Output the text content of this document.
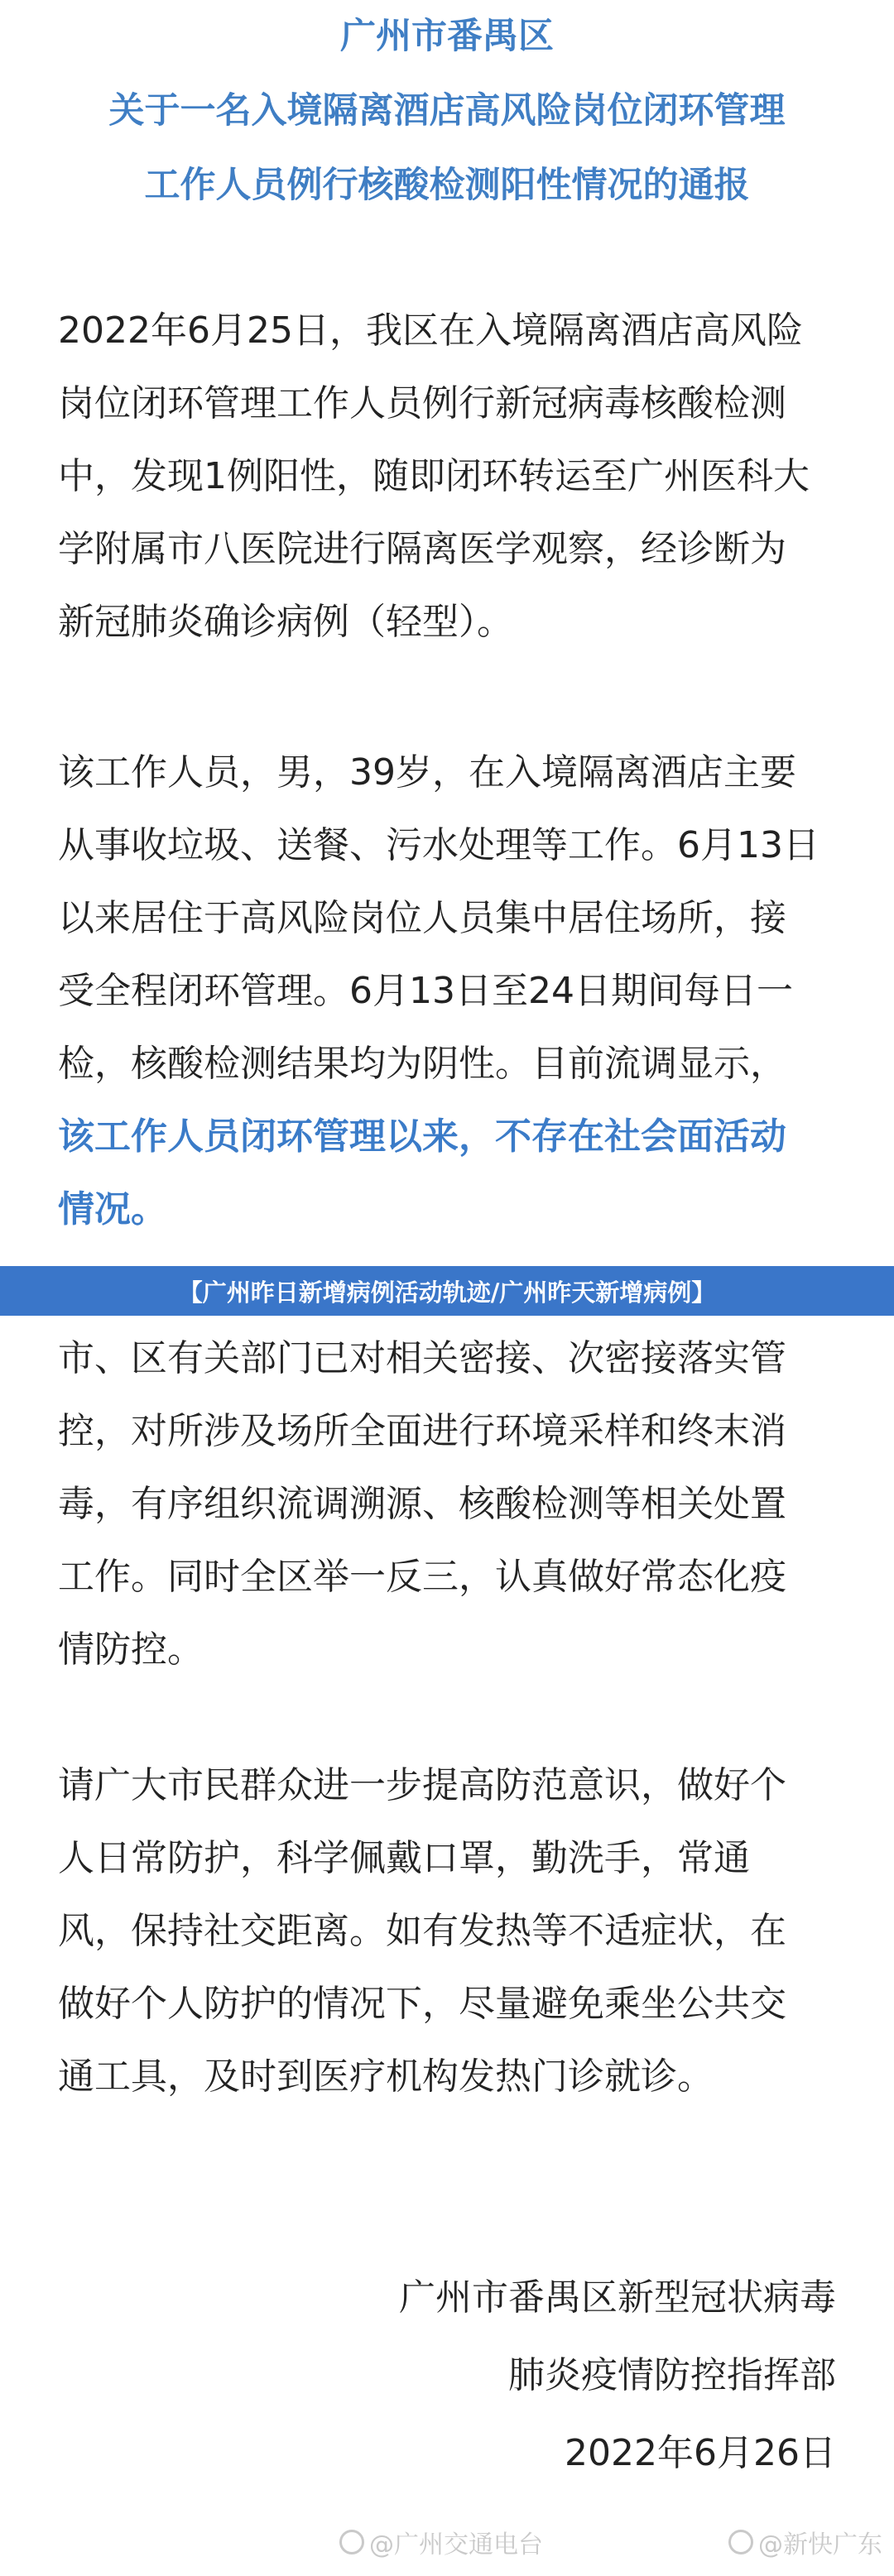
广州市番禺区
关于一名入境隔离酒店高风险岗位闭环管理
工作人员例行核酸检测阳性情况的通报

2022年6月25日，我区在入境隔离酒店高风险

岗位闭环管理工作人员例行新冠病毒核酸检测

中，发现1例阳性，随即闭环转运至广州医科大

学附属市八医院进行隔离医学观察，经诊断为

新冠肺炎确诊病例（轻型）。

该工作人员，男，39岁，在入境隔离酒店主要

从事收垃圾、送餐、污水处理等工作。6月13日

以来居住于高风险岗位人员集中居住场所，接

受全程闭环管理。6月13日至24日期间每日一

检，核酸检测结果均为阴性。目前流调显示，

该工作人员闭环管理以来，不存在社会面活动

情况。

【广州昨日新增病例活动轨迹/广州昨天新增病例】

市、区有关部门已对相关密接、次密接落实管

控，对所涉及场所全面进行环境采样和终末消

毒，有序组织流调溯源、核酸检测等相关处置

工作。同时全区举一反三，认真做好常态化疫

情防控。

请广大市民群众进一步提高防范意识，做好个

人日常防护，科学佩戴口罩，勤洗手，常通

风，保持社交距离。如有发热等不适症状，在

做好个人防护的情况下，尽量避免乘坐公共交

通工具，及时到医疗机构发热门诊就诊。

广州市番禺区新型冠状病毒
肺炎疫情防控指挥部
2022年6月26日
@广州交通电台	@新快广东
